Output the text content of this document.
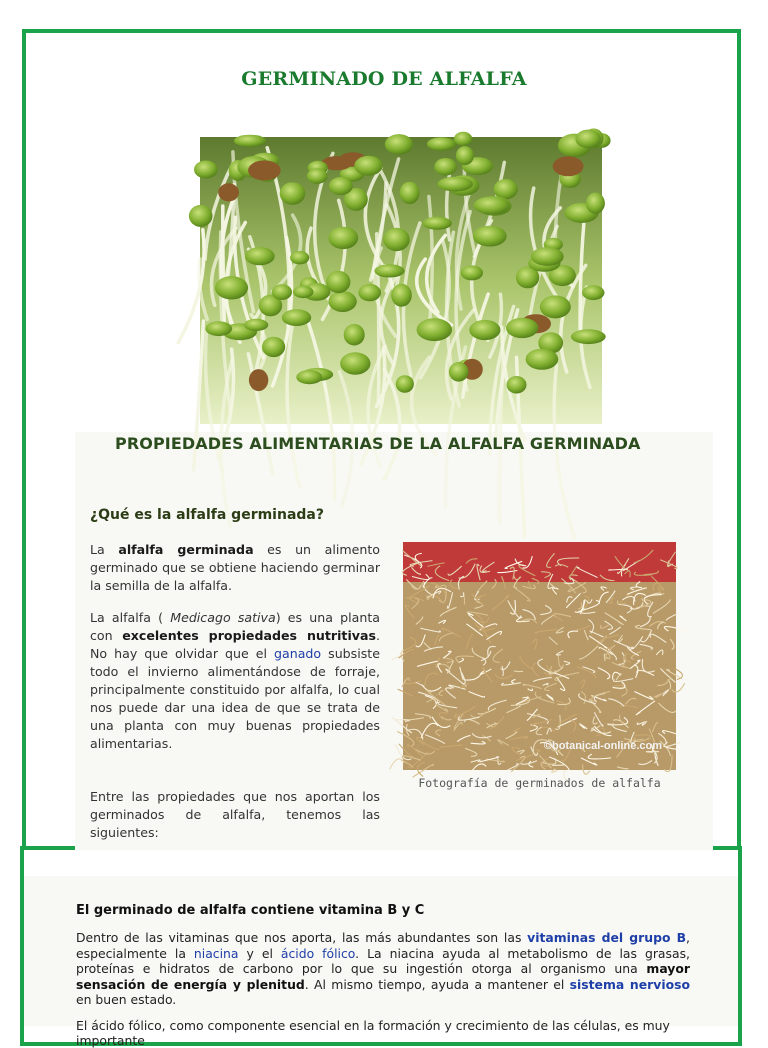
GERMINADO DE ALFALFA
PROPIEDADES ALIMENTARIAS DE LA ALFALFA GERMINADA
¿Qué es la alfalfa germinada?
La alfalfa germinada es un alimento germinado que se obtiene haciendo germinar la semilla de la alfalfa.
La alfalfa ( Medicago sativa) es una planta con excelentes propiedades nutritivas. No hay que olvidar que el ganado subsiste todo el invierno alimentándose de forraje, principalmente constituido por alfalfa, lo cual nos puede dar una idea de que se trata de una planta con muy buenas propiedades alimentarias.
Entre las propiedades que nos aportan los germinados de alfalfa, tenemos las siguientes:
©botanical-online.com
Fotografía de germinados de alfalfa
El germinado de alfalfa contiene vitamina B y C
Dentro de las vitaminas que nos aporta, las más abundantes son las vitaminas del grupo B, especialmente la niacina y el ácido fólico. La niacina ayuda al metabolismo de las grasas, proteínas e hidratos de carbono por lo que su ingestión otorga al organismo una mayor sensación de energía y plenitud. Al mismo tiempo, ayuda a mantener el sistema nervioso en buen estado.
El ácido fólico, como componente esencial en la formación y crecimiento de las células, es muy importante
